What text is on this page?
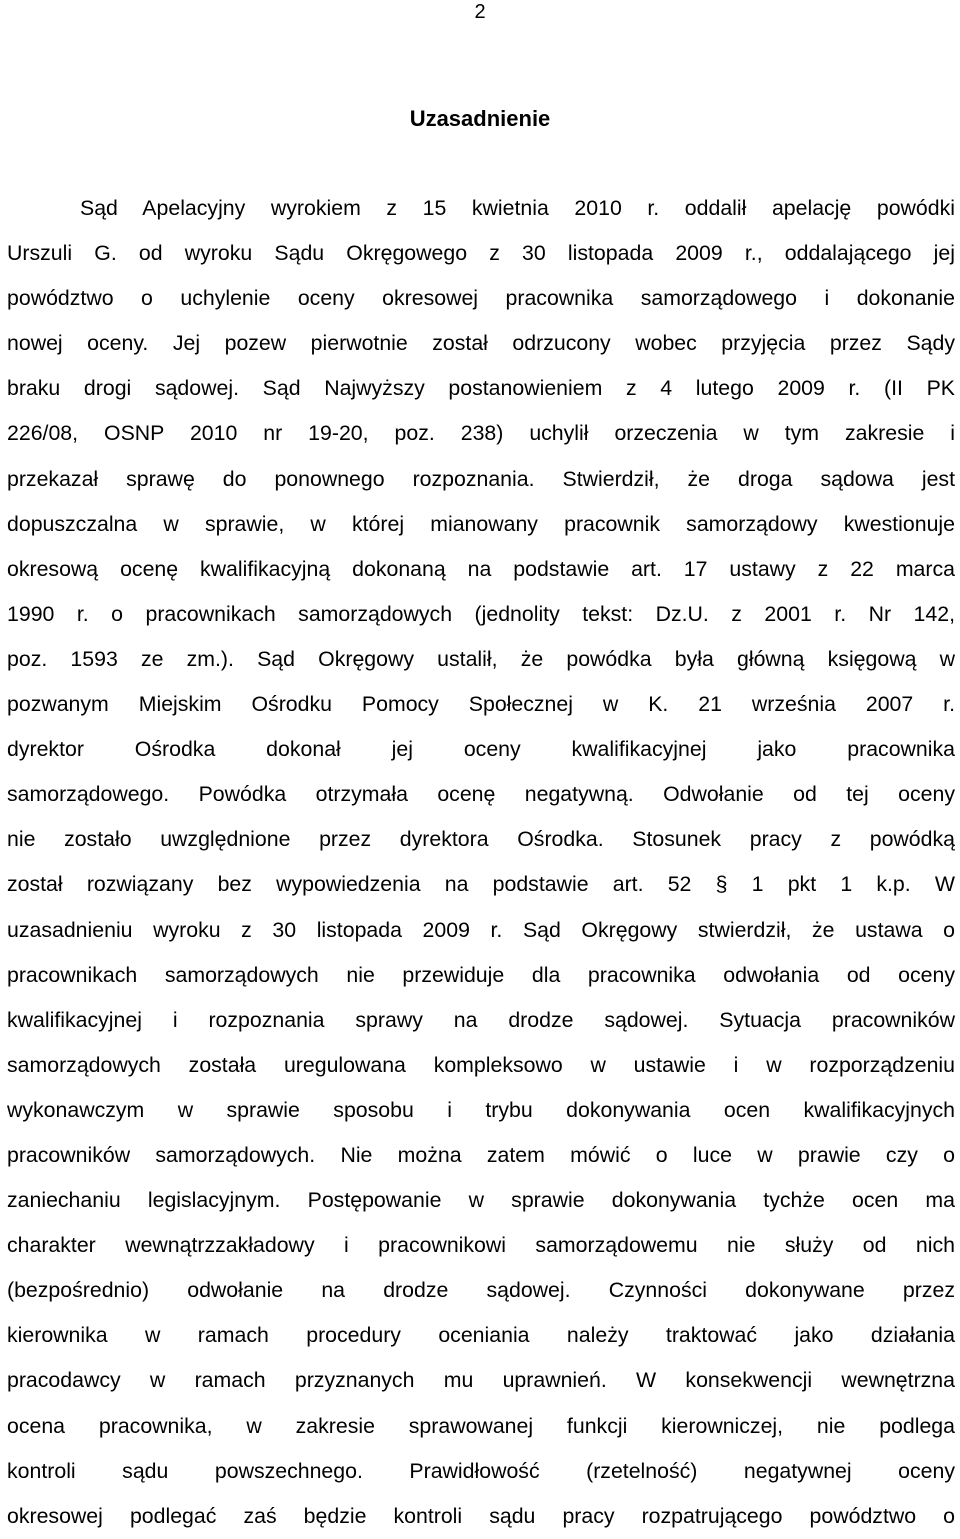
2
Uzasadnienie
Sąd Apelacyjny wyrokiem z 15 kwietnia 2010 r. oddalił apelację powódki
Urszuli G. od wyroku Sądu Okręgowego z 30 listopada 2009 r., oddalającego jej
powództwo o uchylenie oceny okresowej pracownika samorządowego i dokonanie
nowej oceny. Jej pozew pierwotnie został odrzucony wobec przyjęcia przez Sądy
braku drogi sądowej. Sąd Najwyższy postanowieniem z 4 lutego 2009 r. (II PK
226/08, OSNP 2010 nr 19-20, poz. 238) uchylił orzeczenia w tym zakresie i
przekazał sprawę do ponownego rozpoznania. Stwierdził, że droga sądowa jest
dopuszczalna w sprawie, w której mianowany pracownik samorządowy kwestionuje
okresową ocenę kwalifikacyjną dokonaną na podstawie art. 17 ustawy z 22 marca
1990 r. o pracownikach samorządowych (jednolity tekst: Dz.U. z 2001 r. Nr 142,
poz. 1593 ze zm.). Sąd Okręgowy ustalił, że powódka była główną księgową w
pozwanym Miejskim Ośrodku Pomocy Społecznej w K. 21 września 2007 r.
dyrektor Ośrodka dokonał jej oceny kwalifikacyjnej jako pracownika
samorządowego. Powódka otrzymała ocenę negatywną. Odwołanie od tej oceny
nie zostało uwzględnione przez dyrektora Ośrodka. Stosunek pracy z powódką
został rozwiązany bez wypowiedzenia na podstawie art. 52 § 1 pkt 1 k.p. W
uzasadnieniu wyroku z 30 listopada 2009 r. Sąd Okręgowy stwierdził, że ustawa o
pracownikach samorządowych nie przewiduje dla pracownika odwołania od oceny
kwalifikacyjnej i rozpoznania sprawy na drodze sądowej. Sytuacja pracowników
samorządowych została uregulowana kompleksowo w ustawie i w rozporządzeniu
wykonawczym w sprawie sposobu i trybu dokonywania ocen kwalifikacyjnych
pracowników samorządowych. Nie można zatem mówić o luce w prawie czy o
zaniechaniu legislacyjnym. Postępowanie w sprawie dokonywania tychże ocen ma
charakter wewnątrzzakładowy i pracownikowi samorządowemu nie służy od nich
(bezpośrednio) odwołanie na drodze sądowej. Czynności dokonywane przez
kierownika w ramach procedury oceniania należy traktować jako działania
pracodawcy w ramach przyznanych mu uprawnień. W konsekwencji wewnętrzna
ocena pracownika, w zakresie sprawowanej funkcji kierowniczej, nie podlega
kontroli sądu powszechnego. Prawidłowość (rzetelność) negatywnej oceny
okresowej podlegać zaś będzie kontroli sądu pracy rozpatrującego powództwo o
